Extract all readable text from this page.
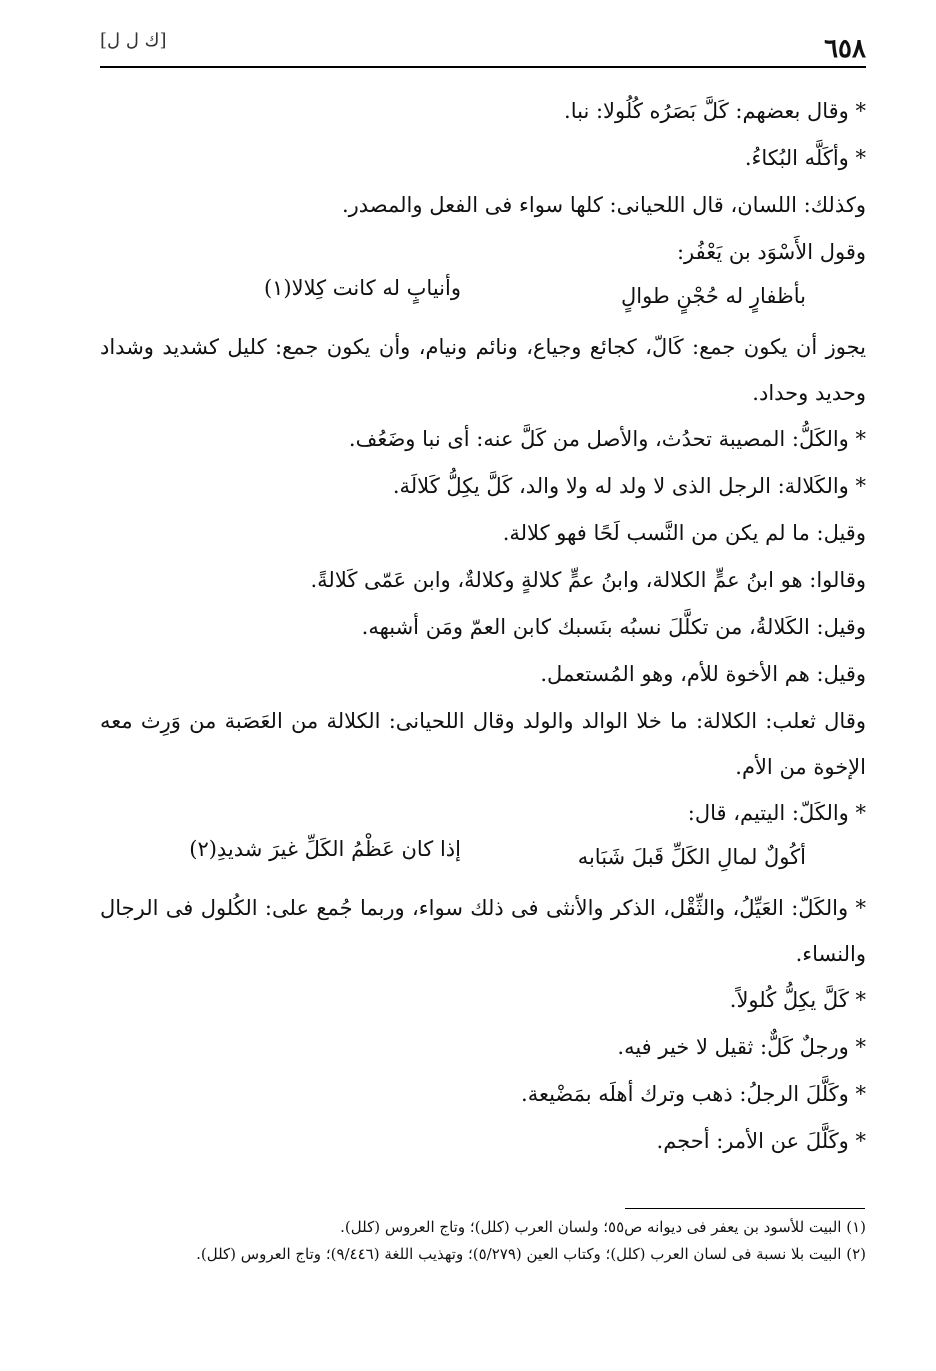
٦٥٨
[ك ل ل]

* وقال بعضهم: كَلَّ بَصَرُه كُلُولا: نبا.

* وأكَلَّه البُكاءُ.

وكذلك: اللسان، قال اللحيانى: كلها سواء فى الفعل والمصدر.

وقول الأَسْوَد بن يَعْفُر:

بأظفارٍ له حُجْنٍ طوالٍ
وأنيابٍ له كانت كِلالا(١)

يجوز أن يكون جمع: كَالّ، كجائع وجياع، ونائم ونيام، وأن يكون جمع: كليل كشديد وشداد وحديد وحداد.

* والكَلُّ: المصيبة تحدُث، والأصل من كَلَّ عنه: أى نبا وضَعُف.

* والكَلالة: الرجل الذى لا ولد له ولا والد، كَلَّ يكِلُّ كَلالَة.

وقيل: ما لم يكن من النَّسب لَحًا فهو كلالة.

وقالوا: هو ابنُ عمٍّ الكلالة، وابنُ عمٍّ كلالةٍ وكلالةٌ، وابن عَمّى كَلالةً.

وقيل: الكَلالةُ، من تكلَّلَ نسبُه بنَسبك كابن العمّ ومَن أشبهه.

وقيل: هم الأخوة للأم، وهو المُستعمل.

وقال ثعلب: الكلالة: ما خلا الوالد والولد وقال اللحيانى: الكلالة من العَصَبة من وَرِث معه الإخوة من الأم.

* والكَلّ: اليتيم، قال:

أكُولٌ لمالِ الكَلِّ قَبلَ شَبَابه
إذا كان عَظْمُ الكَلِّ غيرَ شديدِ(٢)

* والكَلّ: العَيِّلُ، والثِّقْل، الذكر والأنثى فى ذلك سواء، وربما جُمع على: الكُلول فى الرجال والنساء.

* كَلَّ يكِلُّ كُلولاً.

* ورجلٌ كَلٌّ: ثقيل لا خير فيه.

* وكَلَّلَ الرجلُ: ذهب وترك أهلَه بمَضْيعة.

* وكَلَّلَ عن الأمر: أحجم.

(١) البيت للأسود بن يعفر فى ديوانه ص٥٥؛ ولسان العرب (كلل)؛ وتاج العروس (كلل).

(٢) البيت بلا نسبة فى لسان العرب (كلل)؛ وكتاب العين (٥/٢٧٩)؛ وتهذيب اللغة (٩/٤٤٦)؛ وتاج العروس (كلل).
